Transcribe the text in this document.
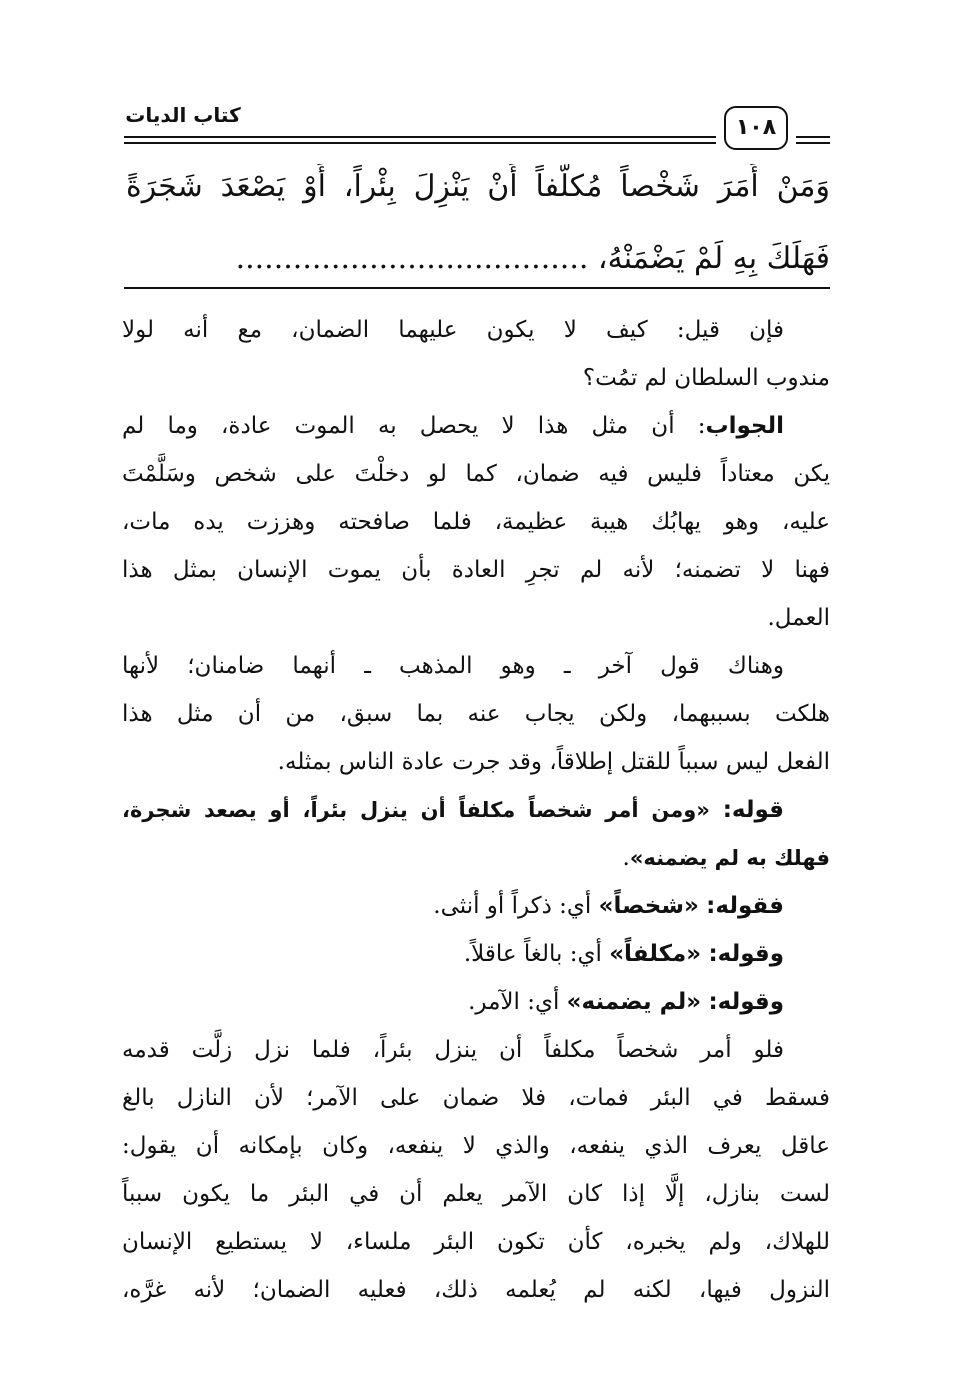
كتاب الديات	١٠٨
وَمَنْ أَمَرَ شَخْصاً مُكلَّفاً أَنْ يَنْزِلَ بِئْراً، أَوْ يَصْعَدَ شَجَرَةً
فَهَلَكَ بِهِ لَمْ يَضْمَنْهُ، .....................................
فإن قيل: كيف لا يكون عليهما الضمان، مع أنه لولا
مندوب السلطان لم تمُت؟
الجواب: أن مثل هذا لا يحصل به الموت عادة، وما لم
يكن معتاداً فليس فيه ضمان، كما لو دخلْتَ على شخص وسَلَّمْتَ
عليه، وهو يهابُك هيبة عظيمة، فلما صافحته وهززت يده مات،
فهنا لا تضمنه؛ لأنه لم تجرِ العادة بأن يموت الإنسان بمثل هذا
العمل.
وهناك قول آخر ـ وهو المذهب ـ أنهما ضامنان؛ لأنها
هلكت بسببهما، ولكن يجاب عنه بما سبق، من أن مثل هذا
الفعل ليس سبباً للقتل إطلاقاً، وقد جرت عادة الناس بمثله.
قوله: «ومن أمر شخصاً مكلفاً أن ينزل بئراً، أو يصعد شجرة،
فهلك به لم يضمنه».
فقوله: «شخصاً» أي: ذكراً أو أنثى.
وقوله: «مكلفاً» أي: بالغاً عاقلاً.
وقوله: «لم يضمنه» أي: الآمر.
فلو أمر شخصاً مكلفاً أن ينزل بئراً، فلما نزل زلَّت قدمه
فسقط في البئر فمات، فلا ضمان على الآمر؛ لأن النازل بالغ
عاقل يعرف الذي ينفعه، والذي لا ينفعه، وكان بإمكانه أن يقول:
لست بنازل، إلَّا إذا كان الآمر يعلم أن في البئر ما يكون سبباً
للهلاك، ولم يخبره، كأن تكون البئر ملساء، لا يستطيع الإنسان
النزول فيها، لكنه لم يُعلمه ذلك، فعليه الضمان؛ لأنه غرَّه،
